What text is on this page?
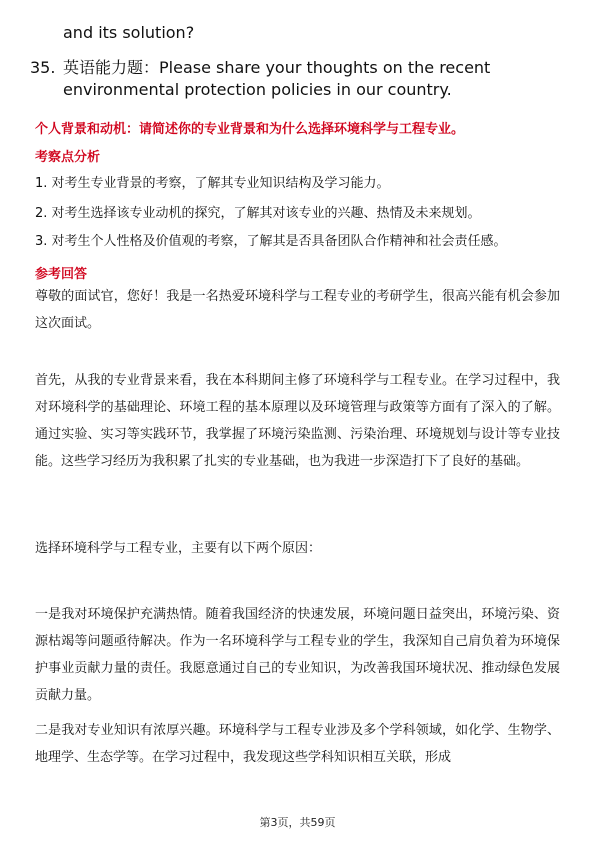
and its solution?
35. 英语能力题：Please share your thoughts on the recent environmental protection policies in our country.
个人背景和动机：请简述你的专业背景和为什么选择环境科学与工程专业。
考察点分析
1. 对考生专业背景的考察，了解其专业知识结构及学习能力。
2. 对考生选择该专业动机的探究，了解其对该专业的兴趣、热情及未来规划。
3. 对考生个人性格及价值观的考察，了解其是否具备团队合作精神和社会责任感。
参考回答
尊敬的面试官，您好！我是一名热爱环境科学与工程专业的考研学生，很高兴能有机会参加这次面试。
首先，从我的专业背景来看，我在本科期间主修了环境科学与工程专业。在学习过程中，我对环境科学的基础理论、环境工程的基本原理以及环境管理与政策等方面有了深入的了解。通过实验、实习等实践环节，我掌握了环境污染监测、污染治理、环境规划与设计等专业技能。这些学习经历为我积累了扎实的专业基础，也为我进一步深造打下了良好的基础。
选择环境科学与工程专业，主要有以下两个原因：
一是我对环境保护充满热情。随着我国经济的快速发展，环境问题日益突出，环境污染、资源枯竭等问题亟待解决。作为一名环境科学与工程专业的学生，我深知自己肩负着为环境保护事业贡献力量的责任。我愿意通过自己的专业知识，为改善我国环境状况、推动绿色发展贡献力量。
二是我对专业知识有浓厚兴趣。环境科学与工程专业涉及多个学科领域，如化学、生物学、地理学、生态学等。在学习过程中，我发现这些学科知识相互关联，形成
第3页，共59页
